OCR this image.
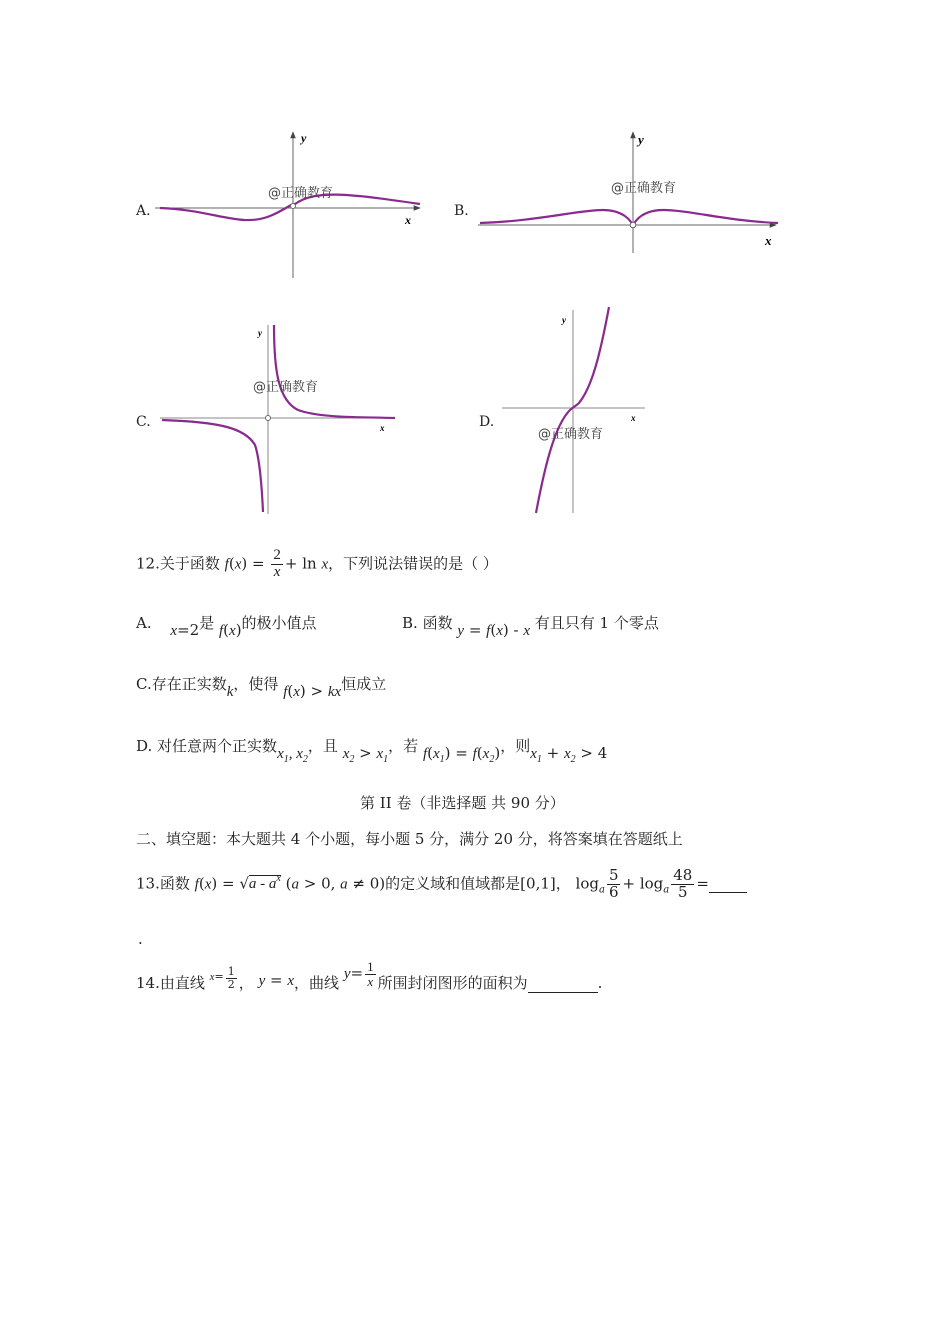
A.
y
x
@正确教育
B.
y
x
@正确教育
C.
y
x
@正确教育
D.
y
x
@正确教育
12.关于函数 $f(x) = \frac{2}{x} + \ln x$，下列说法错误的是（ ）
A. x=2是 f(x)的极小值点	B. 函数 y = f(x) - x 有且只有 1 个零点
C.存在正实数k，使得 f(x) > kx恒成立
D. 对任意两个正实数$x_1$, $x_2$，且 $x_2 > x_1$，若 $f(x_1) = f(x_2)$，则$x_1 + x_2 > 4$
第 II 卷（非选择题 共 90 分）
二、填空题：本大题共 4 个小题，每小题 5 分，满分 20 分，将答案填在答题纸上
13.函数 $f(x) = √a - a^x$ (a > 0, a ≠ 0)的定义域和值域都是[0,1]， $\log_a \frac{5}{6} + \log_a \frac{48}{5}$ =
.
14.由直线 $^{x=} \frac{1}{2}$ ， y = x，曲线 $y= \frac{1}{x}$ 所围封闭图形的面积为	.
